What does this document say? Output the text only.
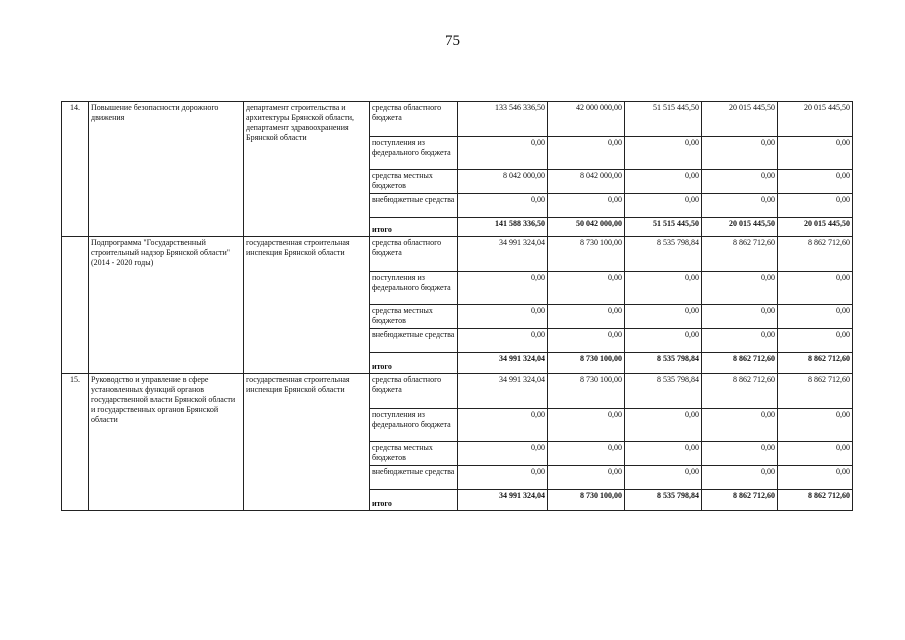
75
14.	Повышение безопасности дорожного движения	департамент строительства и архитектуры Брянской области, департамент здравоохранения Брянской области	средства областного бюджета	133 546 336,50	42 000 000,00	51 515 445,50	20 015 445,50	20 015 445,50
			поступления из федерального бюджета	0,00	0,00	0,00	0,00	0,00
			средства местных бюджетов	8 042 000,00	8 042 000,00	0,00	0,00	0,00
			внебюджетные средства	0,00	0,00	0,00	0,00	0,00
			итого	141 588 336,50	50 042 000,00	51 515 445,50	20 015 445,50	20 015 445,50
	Подпрограмма "Государственный строительный надзор Брянской области" (2014 - 2020 годы)	государственная строительная инспекция Брянской области	средства областного бюджета	34 991 324,04	8 730 100,00	8 535 798,84	8 862 712,60	8 862 712,60
			поступления из федерального бюджета	0,00	0,00	0,00	0,00	0,00
			средства местных бюджетов	0,00	0,00	0,00	0,00	0,00
			внебюджетные средства	0,00	0,00	0,00	0,00	0,00
			итого	34 991 324,04	8 730 100,00	8 535 798,84	8 862 712,60	8 862 712,60
15.	Руководство и управление в сфере установленных функций органов государственной власти Брянской области и государственных органов Брянской области	государственная строительная инспекция Брянской области	средства областного бюджета	34 991 324,04	8 730 100,00	8 535 798,84	8 862 712,60	8 862 712,60
			поступления из федерального бюджета	0,00	0,00	0,00	0,00	0,00
			средства местных бюджетов	0,00	0,00	0,00	0,00	0,00
			внебюджетные средства	0,00	0,00	0,00	0,00	0,00
			итого	34 991 324,04	8 730 100,00	8 535 798,84	8 862 712,60	8 862 712,60
